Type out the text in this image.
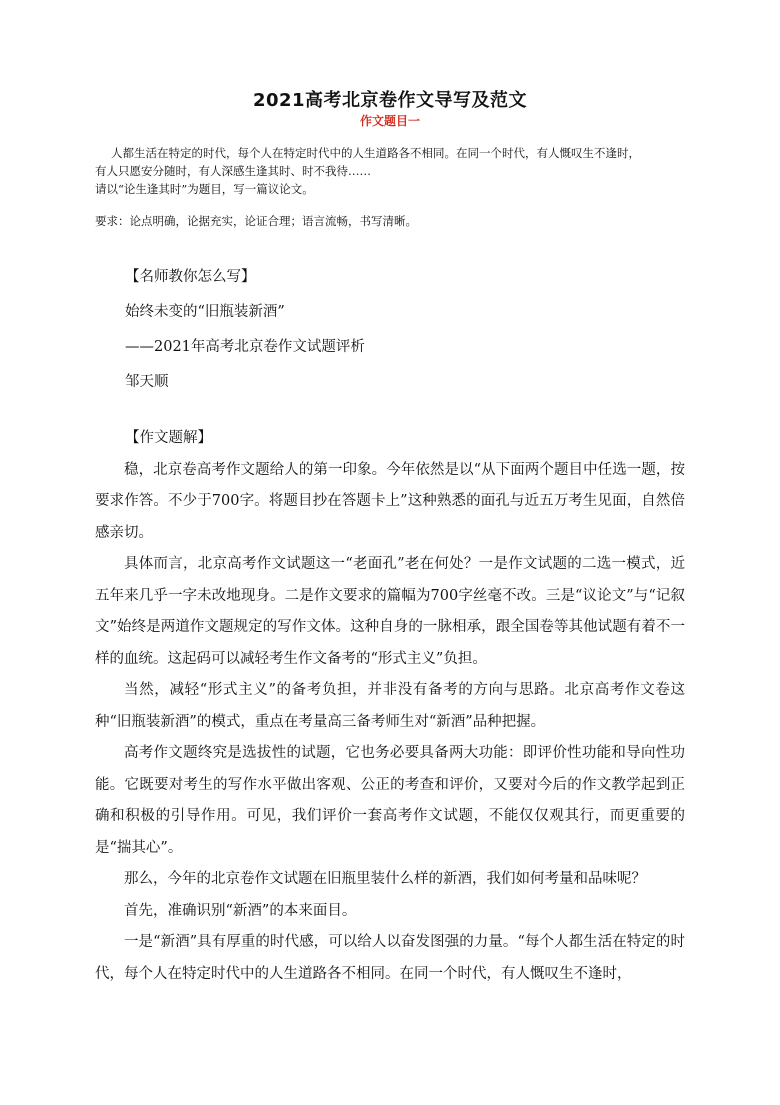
2021高考北京卷作文导写及范文
作文题目一

人都生活在特定的时代，每个人在特定时代中的人生道路各不相同。在同一个时代，有人慨叹生不逢时，

有人只愿安分随时，有人深感生逢其时、时不我待……

请以“论生逢其时”为题目，写一篇议论文。

要求：论点明确，论据充实，论证合理；语言流畅，书写清晰。

【名师教你怎么写】

始终未变的“旧瓶装新酒”

——2021年高考北京卷作文试题评析

邹天顺

【作文题解】

稳，北京卷高考作文题给人的第一印象。今年依然是以“从下面两个题目中任选一题，按要求作答。不少于700字。将题目抄在答题卡上”这种熟悉的面孔与近五万考生见面，自然倍感亲切。

具体而言，北京高考作文试题这一“老面孔”老在何处？一是作文试题的二选一模式，近五年来几乎一字未改地现身。二是作文要求的篇幅为700字丝毫不改。三是“议论文”与“记叙文”始终是两道作文题规定的写作文体。这种自身的一脉相承，跟全国卷等其他试题有着不一样的血统。这起码可以减轻考生作文备考的“形式主义”负担。

当然，减轻“形式主义”的备考负担，并非没有备考的方向与思路。北京高考作文卷这种“旧瓶装新酒”的模式，重点在考量高三备考师生对“新酒”品种把握。

高考作文题终究是选拔性的试题，它也务必要具备两大功能：即评价性功能和导向性功能。它既要对考生的写作水平做出客观、公正的考查和评价，又要对今后的作文教学起到正确和积极的引导作用。可见，我们评价一套高考作文试题，不能仅仅观其行，而更重要的是“揣其心”。

那么，今年的北京卷作文试题在旧瓶里装什么样的新酒，我们如何考量和品味呢？

首先，准确识别“新酒”的本来面目。

一是“新酒”具有厚重的时代感，可以给人以奋发图强的力量。“每个人都生活在特定的时代，每个人在特定时代中的人生道路各不相同。在同一个时代，有人慨叹生不逢时，
